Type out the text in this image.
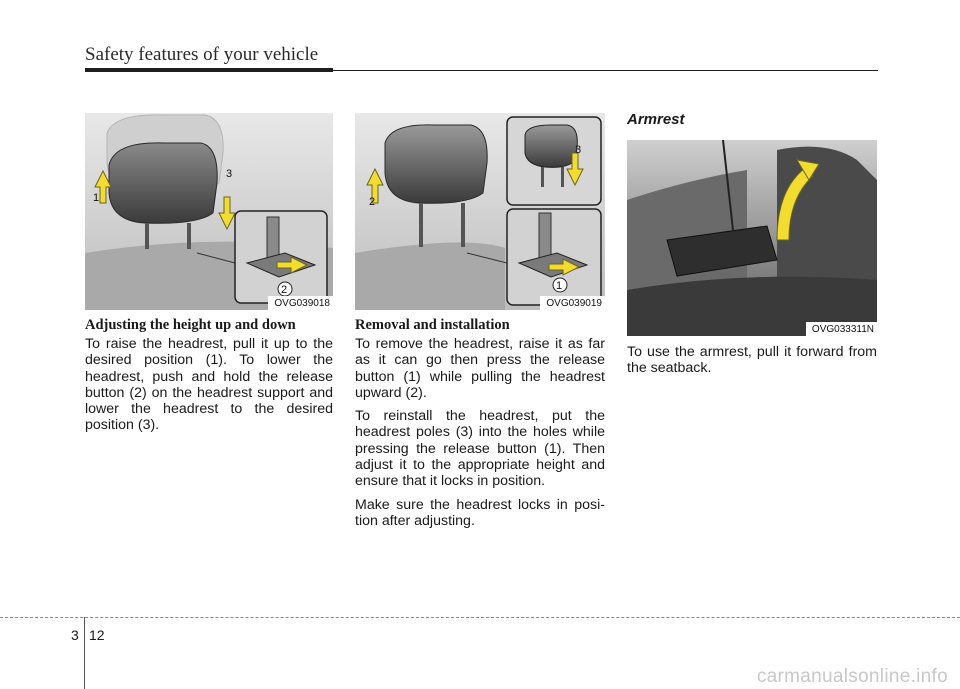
Safety features of your vehicle
1
2
3
OVG039018
2
3
1
OVG039019
OVG033311N
Adjusting the height up and down

To raise the headrest, pull it up to the desired position (1). To lower the headrest, push and hold the release button (2) on the headrest support and lower the headrest to the desired position (3).

Removal and installation

To remove the headrest, raise it as far as it can go then press the release button (1) while pulling the headrest upward (2).

To reinstall the headrest, put the headrest poles (3) into the holes while pressing the release button (1). Then adjust it to the appropriate height and ensure that it locks in position.

Make sure the headrest locks in posi-tion after adjusting.

Armrest

To use the armrest, pull it forward from the seatback.

3 12
carmanualsonline.info
